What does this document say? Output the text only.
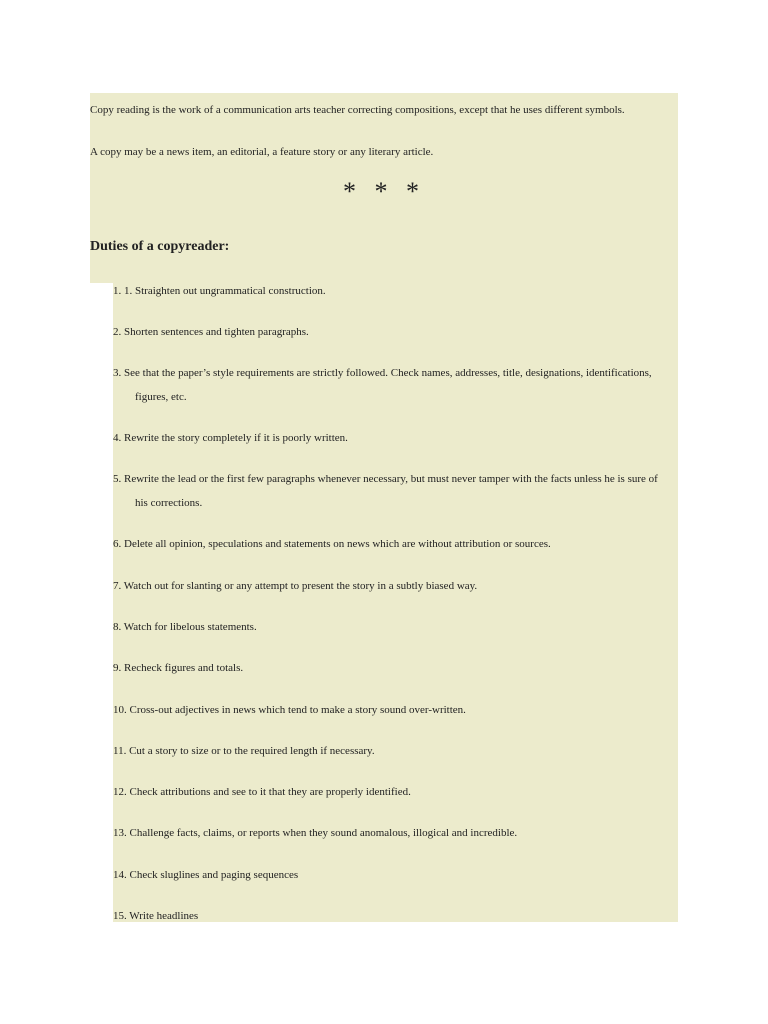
Copy reading is the work of a communication arts teacher correcting compositions, except that he uses different symbols.
A copy may be a news item, an editorial, a feature story or any literary article.
* * *
Duties of a copyreader:
1. 1. Straighten out ungrammatical construction.
2. Shorten sentences and tighten paragraphs.
3. See that the paper’s style requirements are strictly followed. Check names, addresses, title, designations, identifications,
figures, etc.
4. Rewrite the story completely if it is poorly written.
5. Rewrite the lead or the first few paragraphs whenever necessary, but must never tamper with the facts unless he is sure of
his corrections.
6. Delete all opinion, speculations and statements on news which are without attribution or sources.
7. Watch out for slanting or any attempt to present the story in a subtly biased way.
8. Watch for libelous statements.
9. Recheck figures and totals.
10. Cross-out adjectives in news which tend to make a story sound over-written.
11. Cut a story to size or to the required length if necessary.
12. Check attributions and see to it that they are properly identified.
13. Challenge facts, claims, or reports when they sound anomalous, illogical and incredible.
14. Check sluglines and paging sequences
15. Write headlines
